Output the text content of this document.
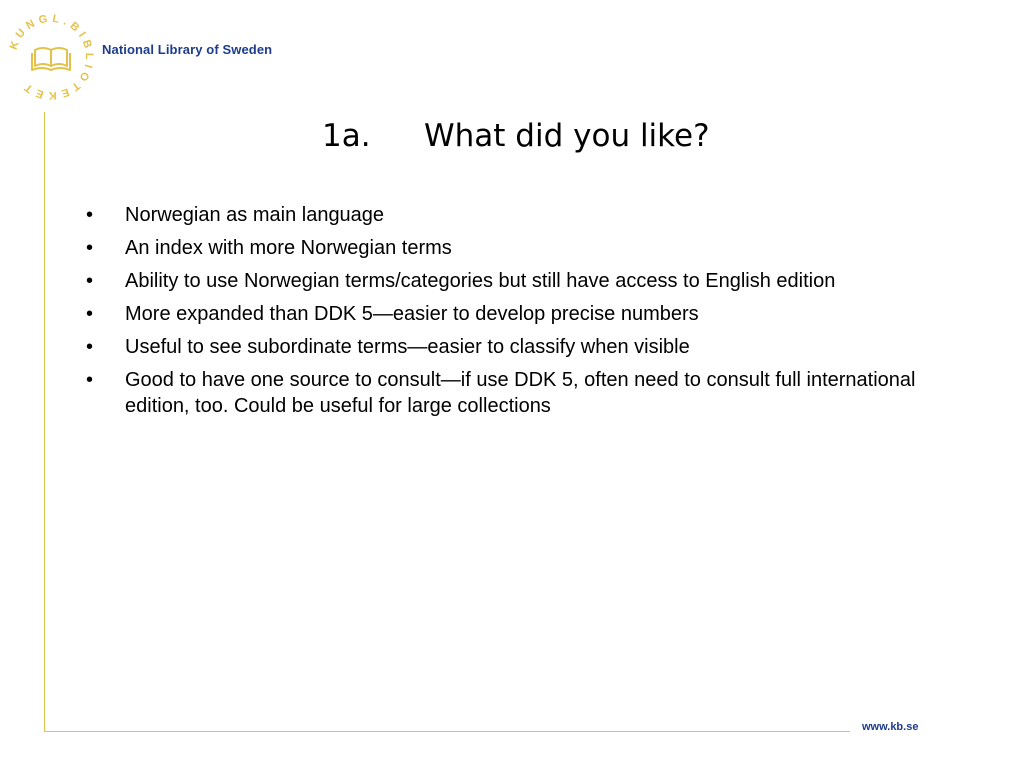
KUNGL.BIBLIOTEKET
National Library of Sweden
1a.	What did you like?
• Norwegian as main language
• An index with more Norwegian terms
• Ability to use Norwegian terms/categories but still have access to English edition
• More expanded than DDK 5—easier to develop precise numbers
• Useful to see subordinate terms—easier to classify when visible
• Good to have one source to consult—if use DDK 5, often need to consult full international edition, too. Could be useful for large collections
www.kb.se
